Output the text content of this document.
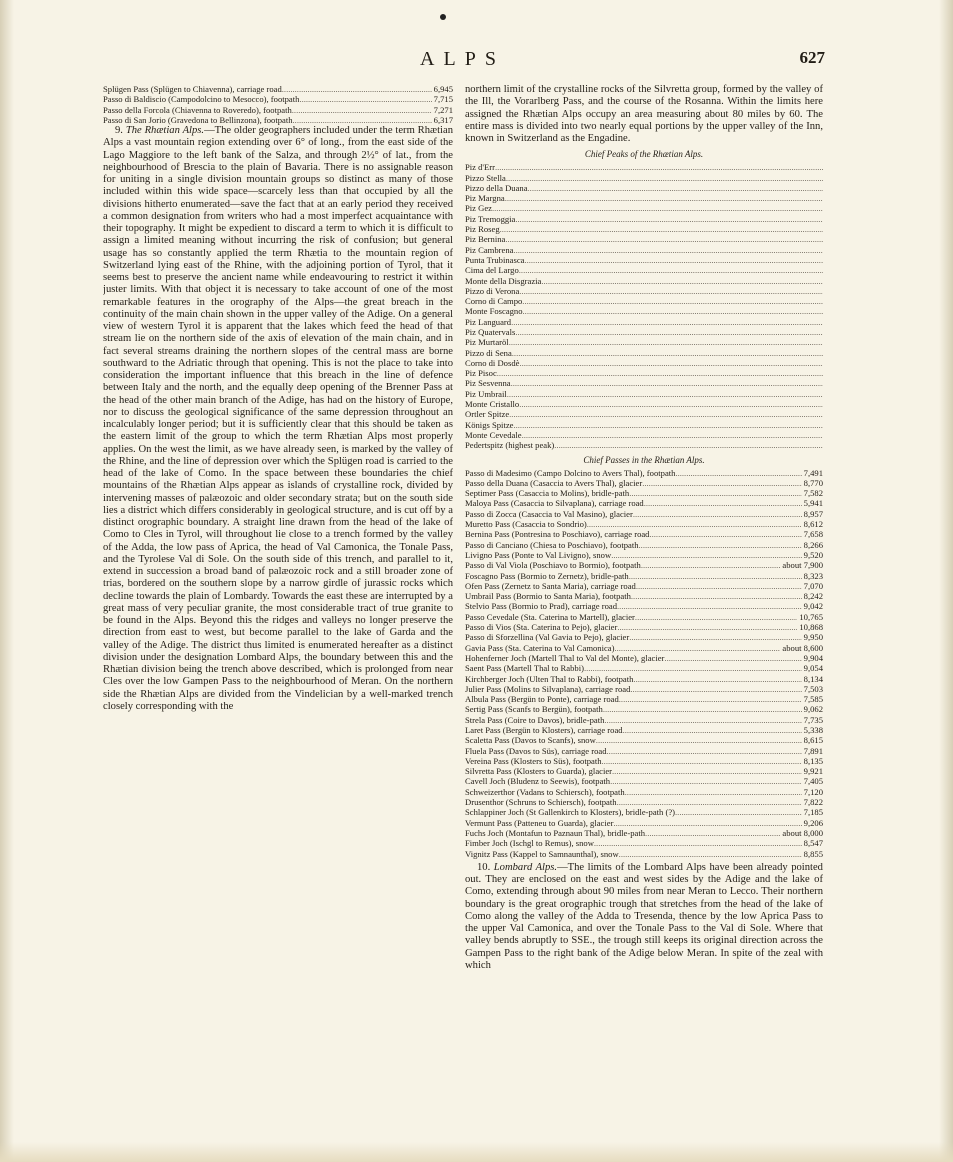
ALPS	627
Splügen Pass (Splügen to Chiavenna), carriage road .....	6,945
Passo di Baldiscio (Campodolcino to Mesocco), footpath .....	7,715
Passo della Forcola (Chiavenna to Roveredo), footpath .....	7,271
Passo di San Jorio (Gravedona to Bellinzona), footpath .....	6,317

9. The Rhætian Alps.—The older geographers included under the term Rhætian Alps a vast mountain region extending over 6° of long., from the east side of the Lago Maggiore to the left bank of the Salza, and through 2½° of lat., from the neighbourhood of Brescia to the plain of Bavaria. There is no assignable reason for uniting in a single division mountain groups so distinct as many of those included within this wide space—scarcely less than that occupied by all the divisions hitherto enumerated—save the fact that at an early period they received a common designation from writers who had a most imperfect acquaintance with their topography. It might be expedient to discard a term to which it is difficult to assign a limited meaning without incurring the risk of confusion; but general usage has so constantly applied the term Rhætia to the mountain region of Switzerland lying east of the Rhine, with the adjoining portion of Tyrol, that it seems best to preserve the ancient name while endeavouring to restrict it within juster limits. With that object it is necessary to take account of one of the most remarkable features in the orography of the Alps—the great breach in the continuity of the main chain shown in the upper valley of the Adige. On a general view of western Tyrol it is apparent that the lakes which feed the head of that stream lie on the northern side of the axis of elevation of the main chain, and in fact several streams draining the northern slopes of the central mass are borne southward to the Adriatic through that opening. This is not the place to take into consideration the important influence that this breach in the line of defence between Italy and the north, and the equally deep opening of the Brenner Pass at the head of the other main branch of the Adige, has had on the history of Europe, nor to discuss the geological significance of the same depression throughout an incalculably longer period; but it is sufficiently clear that this should be taken as the eastern limit of the group to which the term Rhætian Alps most properly applies. On the west the limit, as we have already seen, is marked by the valley of the Rhine, and the line of depression over which the Splügen road is carried to the head of the lake of Como. In the space between these boundaries the chief mountains of the Rhætian Alps appear as islands of crystalline rock, divided by intervening masses of palæozoic and older secondary strata; but on the south side lies a district which differs considerably in geological structure, and is cut off by a distinct orographic boundary. A straight line drawn from the head of the lake of Como to Cles in Tyrol, will throughout lie close to a trench formed by the valley of the Adda, the low pass of Aprica, the head of Val Camonica, the Tonale Pass, and the Tyrolese Val di Sole. On the south side of this trench, and parallel to it, extend in succession a broad band of palæozoic rock and a still broader zone of trias, bordered on the southern slope by a narrow girdle of jurassic rocks which decline towards the plain of Lombardy. Towards the east these are interrupted by a great mass of very peculiar granite, the most considerable tract of true granite to be found in the Alps. Beyond this the ridges and valleys no longer preserve the direction from east to west, but become parallel to the lake of Garda and the valley of the Adige. The district thus limited is enumerated hereafter as a distinct division under the designation Lombard Alps, the boundary between this and the Rhætian division being the trench above described, which is prolonged from near Cles over the low Gampen Pass to the neighbourhood of Meran. On the northern side the Rhætian Alps are divided from the Vindelician by a well-marked trench closely corresponding with the

northern limit of the crystalline rocks of the Silvretta group, formed by the valley of the Ill, the Vorarlberg Pass, and the course of the Rosanna. Within the limits here assigned the Rhætian Alps occupy an area measuring about 80 miles by 60. The entire mass is divided into two nearly equal portions by the upper valley of the Inn, known in Switzerland as the Engadine.

Chief Peaks of the Rhætian Alps.
Piz d'Err
.....
Pizzo Stella
.....
Pizzo della Duana
.....
Piz Margna
.....
Piz Gez
.....
Piz Tremoggia
.....
Piz Roseg
.....
Piz Bernina
.....
Piz Cambrena
.....
Punta Trubinasca
.....
Cima del Largo
.....
Monte della Disgrazia
.....
Pizzo di Verona
.....
Corno di Campo
.....
Monte Foscagno
.....
Piz Languard
.....
Piz Quatervals
.....
Piz Murtaröl
.....
Pizzo di Sena
.....
Corno di Dosdè
.....
Piz Pisoc
.....
Piz Sesvenna
.....
Piz Umbrail
.....
Monte Cristallo
.....
Ortler Spitze
.....
Königs Spitze
.....
Monte Cevedale
.....
Pedertspitz (highest peak)
.....
Chief Passes in the Rhætian Alps.
Passo di Madesimo (Campo Dolcino to Avers Thal), footpath .....	7,491
Passo della Duana (Casaccia to Avers Thal), glacier .....	8,770
Septimer Pass (Casaccia to Molins), bridle-path .....	7,582
Maloya Pass (Casaccia to Silvaplana), carriage road .....	5,941
Passo di Zocca (Casaccia to Val Masino), glacier .....	8,957
Muretto Pass (Casaccia to Sondrio) .....	8,612
Bernina Pass (Pontresina to Poschiavo), carriage road .....	7,658
Passo di Canciano (Chiesa to Poschiavo), footpath .....	8,266
Livigno Pass (Ponte to Val Livigno), snow .....	9,520
Passo di Val Viola (Poschiavo to Bormio), footpath .....	about 7,900
Foscagno Pass (Bormio to Zernetz), bridle-path .....	8,323
Ofen Pass (Zernetz to Santa Maria), carriage road .....	7,070
Umbrail Pass (Bormio to Santa Maria), footpath .....	8,242
Stelvio Pass (Bormio to Prad), carriage road .....	9,042
Passo Cevedale (Sta. Caterina to Martell), glacier .....	10,765
Passo di Vios (Sta. Caterina to Pejo), glacier .....	10,868
Passo di Sforzellina (Val Gavia to Pejo), glacier .....	9,950
Gavia Pass (Sta. Caterina to Val Camonica) .....	about 8,600
Hohenferner Joch (Martell Thal to Val del Monte), glacier .....	9,904
Saent Pass (Martell Thal to Rabbi) .....	9,054
Kirchberger Joch (Ulten Thal to Rabbi), footpath .....	8,134
Julier Pass (Molins to Silvaplana), carriage road .....	7,503
Albula Pass (Bergün to Ponte), carriage road .....	7,585
Sertig Pass (Scanfs to Bergün), footpath .....	9,062
Strela Pass (Coire to Davos), bridle-path .....	7,735
Laret Pass (Bergün to Klosters), carriage road .....	5,338
Scaletta Pass (Davos to Scanfs), snow .....	8,615
Fluela Pass (Davos to Süs), carriage road .....	7,891
Vereina Pass (Klosters to Süs), footpath .....	8,135
Silvretta Pass (Klosters to Guarda), glacier .....	9,921
Cavell Joch (Bludenz to Seewis), footpath .....	7,405
Schweizerthor (Vadans to Schiersch), footpath .....	7,120
Drusenthor (Schruns to Schiersch), footpath .....	7,822
Schlappiner Joch (St Gallenkirch to Klosters), bridle-path (?) .....	7,185
Vermunt Pass (Patteneu to Guarda), glacier .....	9,206
Fuchs Joch (Montafun to Paznaun Thal), bridle-path .....	about 8,000
Fimber Joch (Ischgl to Remus), snow .....	8,547
Vignitz Pass (Kappel to Samnaunthal), snow .....	8,855

10. Lombard Alps.—The limits of the Lombard Alps have been already pointed out. They are enclosed on the east and west sides by the Adige and the lake of Como, extending through about 90 miles from near Meran to Lecco. Their northern boundary is the great orographic trough that stretches from the head of the lake of Como along the valley of the Adda to Tresenda, thence by the low Aprica Pass to the upper Val Camonica, and over the Tonale Pass to the Val di Sole. Where that valley bends abruptly to SSE., the trough still keeps its original direction across the Gampen Pass to the right bank of the Adige below Meran. In spite of the zeal with which
